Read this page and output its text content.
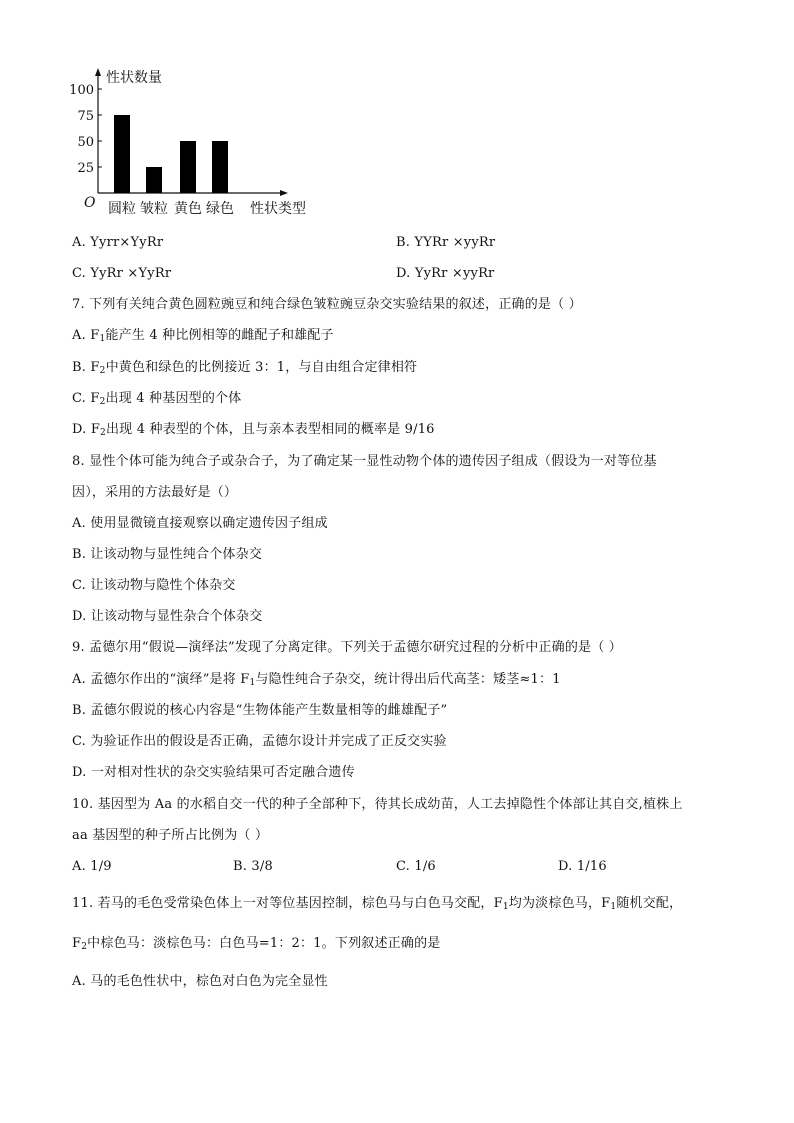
性状数量
性状类型
O
25
50
75
100
圆粒 皱粒 黄色 绿色
A. Yyrr×YyRr	B. YYRr ×yyRr
C. YyRr ×YyRr	D. YyRr ×yyRr
7. 下列有关纯合黄色圆粒豌豆和纯合绿色皱粒豌豆杂交实验结果的叙述，正确的是（ ）
A. $F_1$能产生 4 种比例相等的雌配子和雄配子
B. $F_2$中黄色和绿色的比例接近 3：1，与自由组合定律相符
C. $F_2$出现 4 种基因型的个体
D. $F_2$出现 4 种表型的个体，且与亲本表型相同的概率是 9/16
8. 显性个体可能为纯合子或杂合子，为了确定某一显性动物个体的遗传因子组成（假设为一对等位基
因），采用的方法最好是（）
A. 使用显微镜直接观察以确定遗传因子组成
B. 让该动物与显性纯合个体杂交
C. 让该动物与隐性个体杂交
D. 让该动物与显性杂合个体杂交
9. 孟德尔用“假说—演绎法”发现了分离定律。下列关于孟德尔研究过程的分析中正确的是（ ）
A. 孟德尔作出的“演绎”是将 $F_1$与隐性纯合子杂交，统计得出后代高茎：矮茎≈1：1
B. 孟德尔假说的核心内容是“生物体能产生数量相等的雌雄配子”
C. 为验证作出的假设是否正确，孟德尔设计并完成了正反交实验
D. 一对相对性状的杂交实验结果可否定融合遗传
10. 基因型为 Aa 的水稻自交一代的种子全部种下，待其长成幼苗，人工去掉隐性个体部让其自交,植株上
aa 基因型的种子所占比例为（ ）
A. 1/9	B. 3/8	C. 1/6	D. 1/16
11. 若马的毛色受常染色体上一对等位基因控制，棕色马与白色马交配，$F_1$均为淡棕色马，$F_1$随机交配，
$F_2$中棕色马：淡棕色马：白色马=1：2：1。下列叙述正确的是
A. 马的毛色性状中，棕色对白色为完全显性
